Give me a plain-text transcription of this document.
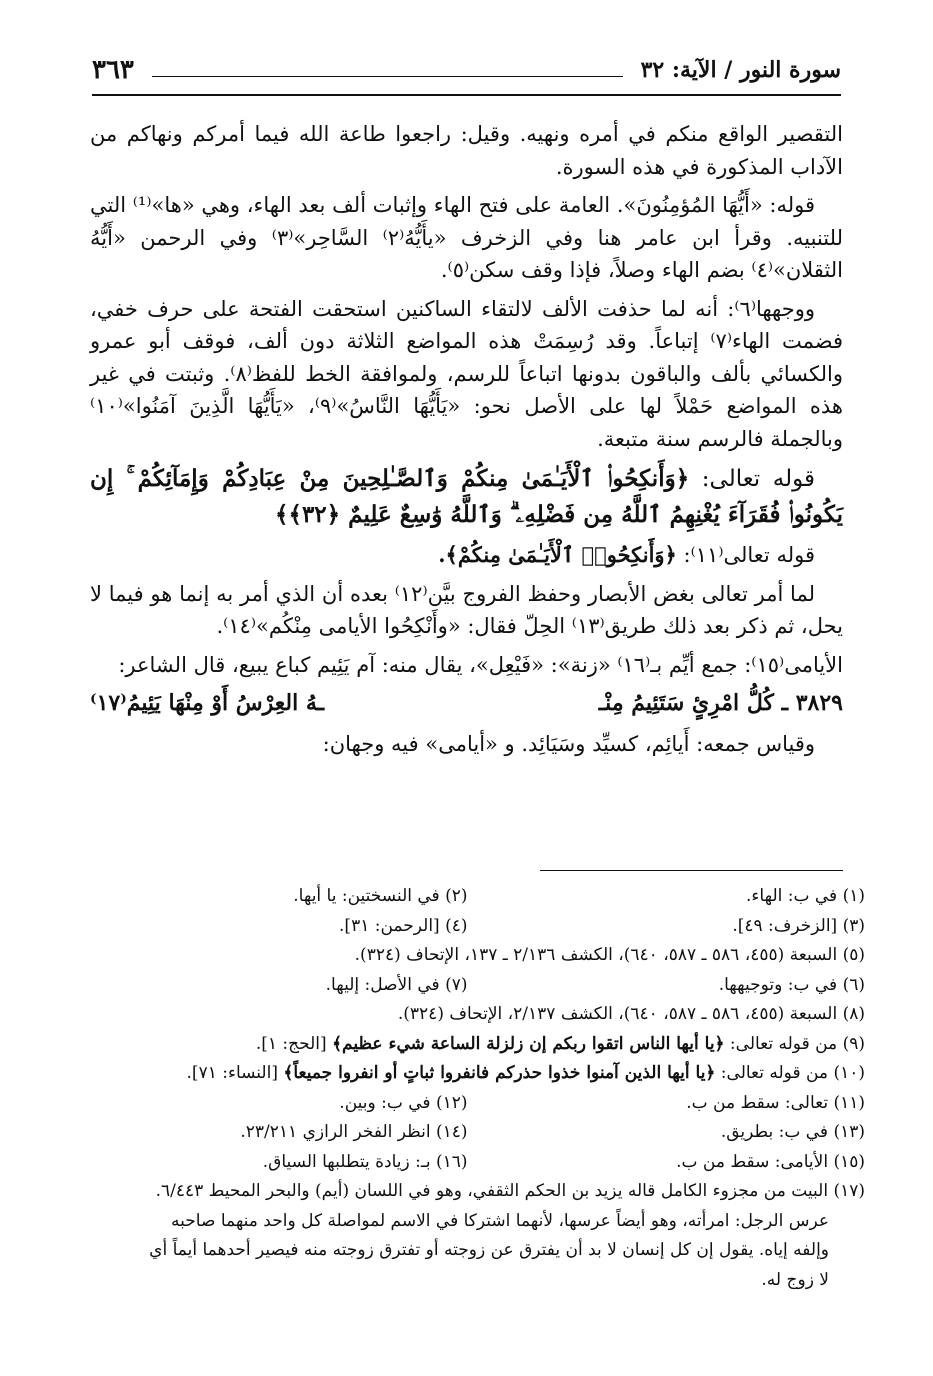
سورة النور / الآية: ٣٢
٣٦٣

التقصير الواقع منكم في أمره ونهيه. وقيل: راجعوا طاعة الله فيما أمركم ونهاكم من الآداب المذكورة في هذه السورة.

قوله: «أَيُّهَا المُؤمِنُونَ». العامة على فتح الهاء وإثبات ألف بعد الهاء، وهي «ها»⁽¹⁾ التي للتنبيه. وقرأ ابن عامر هنا وفي الزخرف «يأَيُّهُ⁽٢⁾ السَّاحِر»⁽٣⁾ وفي الرحمن «أَيُّهُ الثقلان»⁽٤⁾ بضم الهاء وصلاً، فإذا وقف سكن⁽٥⁾.

ووجهها⁽٦⁾: أنه لما حذفت الألف لالتقاء الساكنين استحقت الفتحة على حرف خفي، فضمت الهاء⁽٧⁾ إتباعاً. وقد رُسِمَتْ هذه المواضع الثلاثة دون ألف، فوقف أبو عمرو والكسائي بألف والباقون بدونها اتباعاً للرسم، ولموافقة الخط للفظ⁽٨⁾. وثبتت في غير هذه المواضع حَمْلاً لها على الأصل نحو: «يَأَيُّهَا النَّاسُ»⁽٩⁾، «يَأَيُّهَا الَّذِينَ آمَنُوا»⁽١٠⁾ وبالجملة فالرسم سنة متبعة.

قوله تعالى: ﴿وَأَنكِحُوا۟ ٱلْأَيَـٰمَىٰ مِنكُمْ وَٱلصَّـٰلِحِينَ مِنْ عِبَادِكُمْ وَإِمَآئِكُمْ ۚ إِن يَكُونُوا۟ فُقَرَآءَ يُغْنِهِمُ ٱللَّهُ مِن فَضْلِهِۦ ۗ وَٱللَّهُ وَٰسِعٌ عَلِيمٌ ﴿٣٢﴾﴾

قوله تعالى⁽١١⁾: ﴿وَأَنكِحُوا۟ ٱلْأَيَـٰمَىٰ مِنكُمْ﴾.

لما أمر تعالى بغض الأبصار وحفظ الفروج بيَّن⁽١٢⁾ بعده أن الذي أمر به إنما هو فيما لا يحل، ثم ذكر بعد ذلك طريق⁽١٣⁾ الحِلّ فقال: «وأَنْكِحُوا الأيامى مِنْكُم»⁽١٤⁾.

الأيامى⁽١٥⁾: جمع أيِّم بـ⁽١٦⁾ «زنة»: «فَيْعِل»، يقال منه: آم يَئِيم كباع يبيع، قال الشاعر:

٣٨٢٩ ـ كُلُّ امْرِئٍ سَتَئِيمُ مِنْـ
ـهُ العِرْسُ أَوْ مِنْهَا يَئِيمُ⁽١٧⁾

وقياس جمعه: أَيائِم، كسيِّد وسَيَائِد. و «أيامى» فيه وجهان:

(١) في ب: الهاء.
(٢) في النسختين: يا أيها.
(٣) [الزخرف: ٤٩].
(٤) [الرحمن: ٣١].
(٥) السبعة (٤٥٥، ٥٨٦ ـ ٥٨٧، ٦٤٠)، الكشف ٢/١٣٦ ـ ١٣٧، الإتحاف (٣٢٤).
(٦) في ب: وتوجيهها.
(٧) في الأصل: إليها.
(٨) السبعة (٤٥٥، ٥٨٦ ـ ٥٨٧، ٦٤٠)، الكشف ٢/١٣٧، الإتحاف (٣٢٤).
(٩) من قوله تعالى: ﴿يا أيها الناس اتقوا ربكم إن زلزلة الساعة شيء عظيم﴾ [الحج: ١].
(١٠) من قوله تعالى: ﴿يا أيها الذين آمنوا خذوا حذركم فانفروا ثباتٍ أو انفروا جميعاً﴾ [النساء: ٧١].
(١١) تعالى: سقط من ب.
(١٢) في ب: وبين.
(١٣) في ب: بطريق.
(١٤) انظر الفخر الرازي ٢٣/٢١١.
(١٥) الأيامى: سقط من ب.
(١٦) بـ: زيادة يتطلبها السياق.
(١٧) البيت من مجزوء الكامل قاله يزيد بن الحكم الثقفي، وهو في اللسان (أيم) والبحر المحيط ٦/٤٤٣.
عرس الرجل: امرأته، وهو أيضاً عرسها، لأنهما اشتركا في الاسم لمواصلة كل واحد منهما صاحبه
وإلفه إياه. يقول إن كل إنسان لا بد أن يفترق عن زوجته أو تفترق زوجته منه فيصير أحدهما أيماً أي
لا زوج له.
